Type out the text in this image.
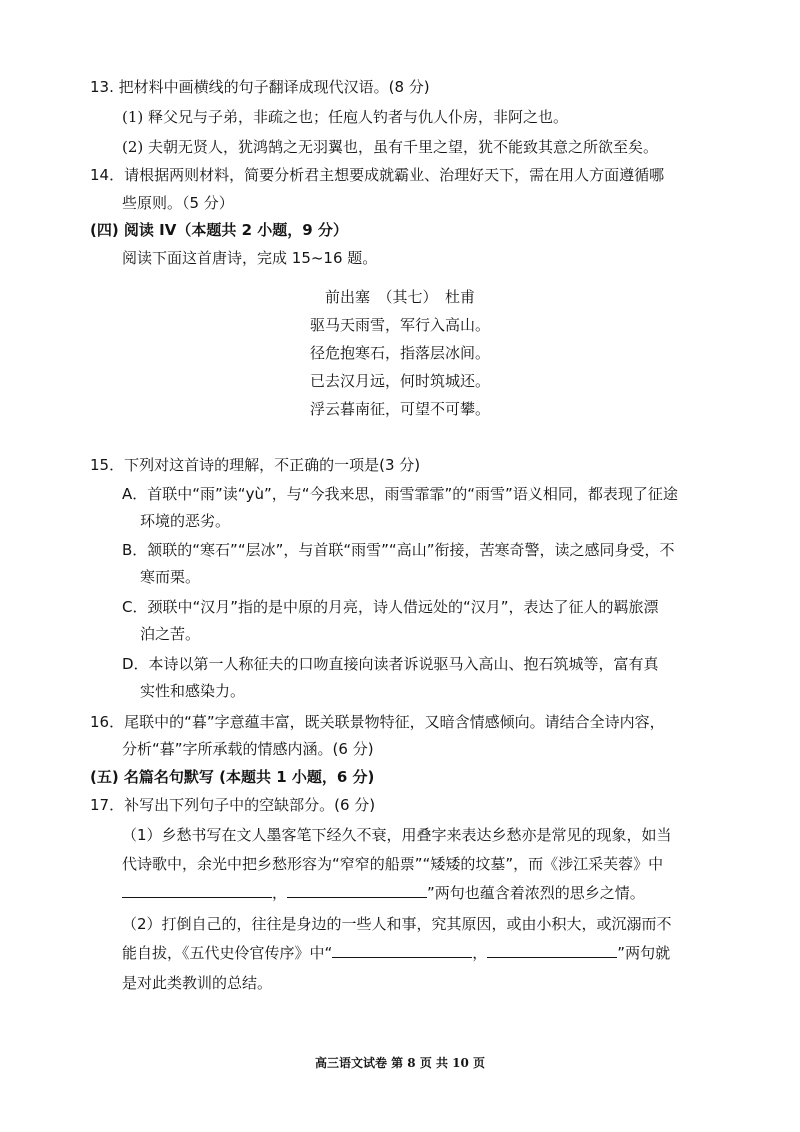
13. 把材料中画横线的句子翻译成现代汉语。(8 分)
(1) 释父兄与子弟，非疏之也；任庖人钓者与仇人仆房，非阿之也。
(2) 夫朝无贤人，犹鸿鹄之无羽翼也，虽有千里之望，犹不能致其意之所欲至矣。
14．请根据两则材料，简要分析君主想要成就霸业、治理好天下，需在用人方面遵循哪
些原则。（5 分）
(四) 阅读 IV（本题共 2 小题，9 分）
阅读下面这首唐诗，完成 15~16 题。
前出塞　（其七）　杜甫
驱马天雨雪，军行入高山。
径危抱寒石，指落层冰间。
已去汉月远，何时筑城还。
浮云暮南征，可望不可攀。
15．下列对这首诗的理解，不正确的一项是(3 分)
A．首联中“雨”读“yù”，与“今我来思，雨雪霏霏”的“雨雪”语义相同，都表现了征途
环境的恶劣。
B．颔联的“寒石”“层冰”，与首联“雨雪”“高山”衔接，苦寒奇警，读之感同身受，不
寒而栗。
C．颈联中“汉月”指的是中原的月亮，诗人借远处的“汉月”，表达了征人的羁旅漂
泊之苦。
D．本诗以第一人称征夫的口吻直接向读者诉说驱马入高山、抱石筑城等，富有真
实性和感染力。
16．尾联中的“暮”字意蕴丰富，既关联景物特征，又暗含情感倾向。请结合全诗内容，
分析“暮”字所承载的情感内涵。(6 分)
(五) 名篇名句默写 (本题共 1 小题，6 分)
17．补写出下列句子中的空缺部分。(6 分)
（1）乡愁书写在文人墨客笔下经久不衰，用叠字来表达乡愁亦是常见的现象，如当
代诗歌中，余光中把乡愁形容为“窄窄的船票”“矮矮的坟墓”，而《涉江采芙蓉》中
，	”两句也蕴含着浓烈的思乡之情。
（2）打倒自己的，往往是身边的一些人和事，究其原因，或由小积大，或沉溺而不
能自拔，《五代史伶官传序》中“	，	”两句就
是对此类教训的总结。
高三语文试卷 第 8 页 共 10 页
